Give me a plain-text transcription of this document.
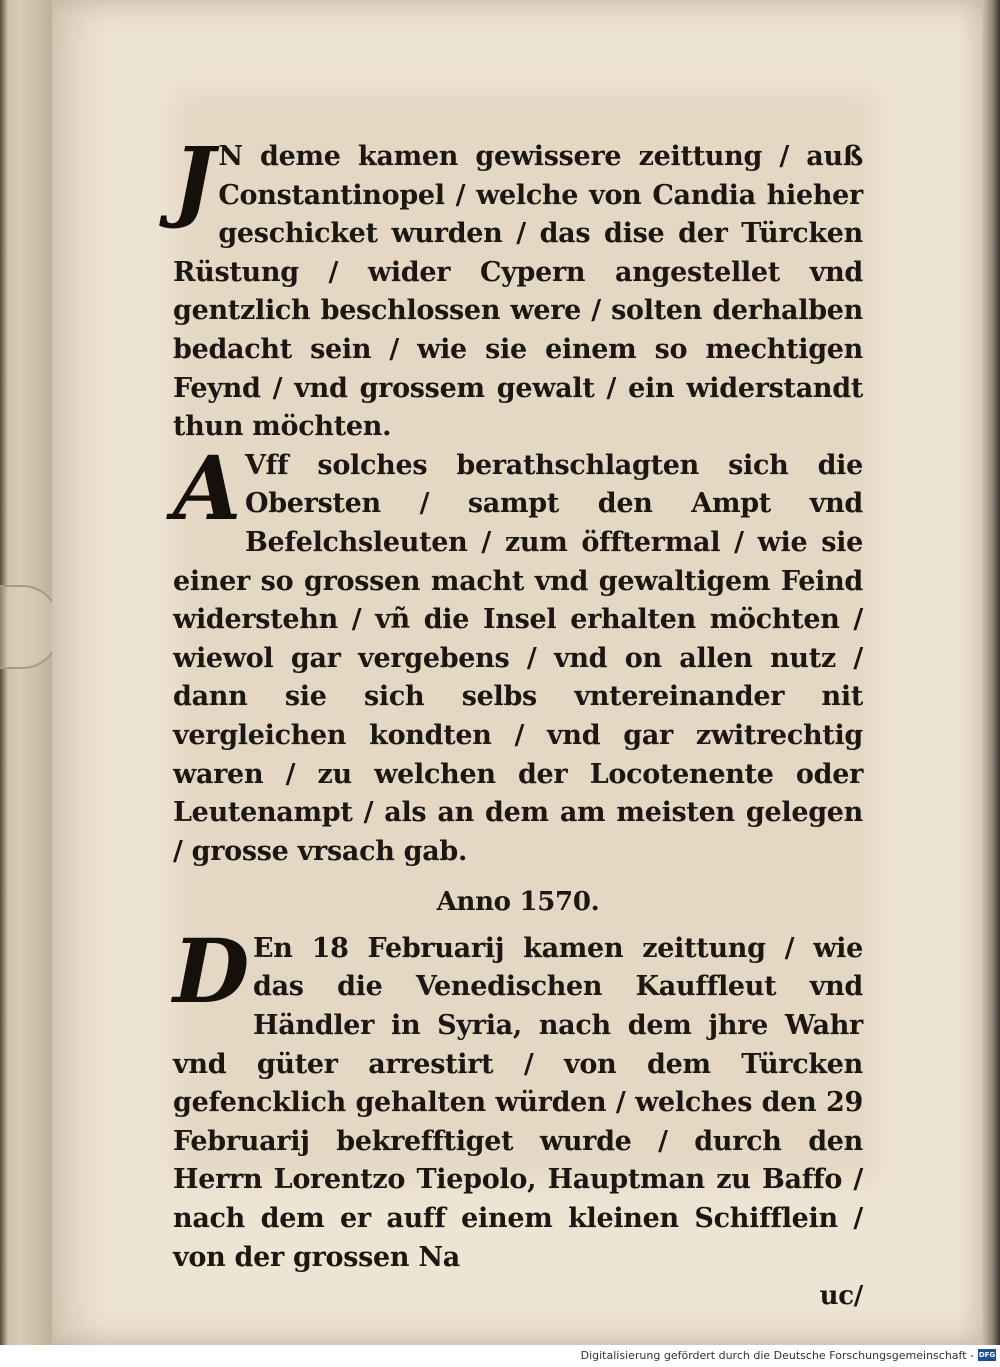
J N deme kamen gewissere zeittung / auß Constantinopel / welche von Candia hieher geschicket wurden / das dise der Türcken Rüstung / wider Cypern angestellet vnd gentzlich beschlossen were / solten derhalben bedacht sein / wie sie einem so mechtigen Feynd / vnd grossem gewalt / ein widerstandt thun möchten.

A Vff solches berathschlagten sich die Obersten / sampt den Ampt vnd Befelchsleuten / zum öfftermal / wie sie einer so grossen macht vnd gewaltigem Feind widerstehn / vñ die Insel erhalten möchten / wiewol gar vergebens / vnd on allen nutz / dann sie sich selbs vntereinander nit vergleichen kondten / vnd gar zwitrechtig waren / zu welchen der Locotenente oder Leutenampt / als an dem am meisten gelegen / grosse vrsach gab.

Anno 1570.

D En 18 Februarij kamen zeittung / wie das die Venedischen Kauffleut vnd Händler in Syria, nach dem jhre Wahr vnd güter arrestirt / von dem Türcken gefencklich gehalten würden / welches den 29 Februarij bekrefftiget wurde / durch den Herrn Lorentzo Tiepolo, Hauptman zu Baffo / nach dem er auff einem kleinen Schifflein / von der grossen Na

uc/

Digitalisierung gefördert durch die Deutsche Forschungsgemeinschaft - DFG
